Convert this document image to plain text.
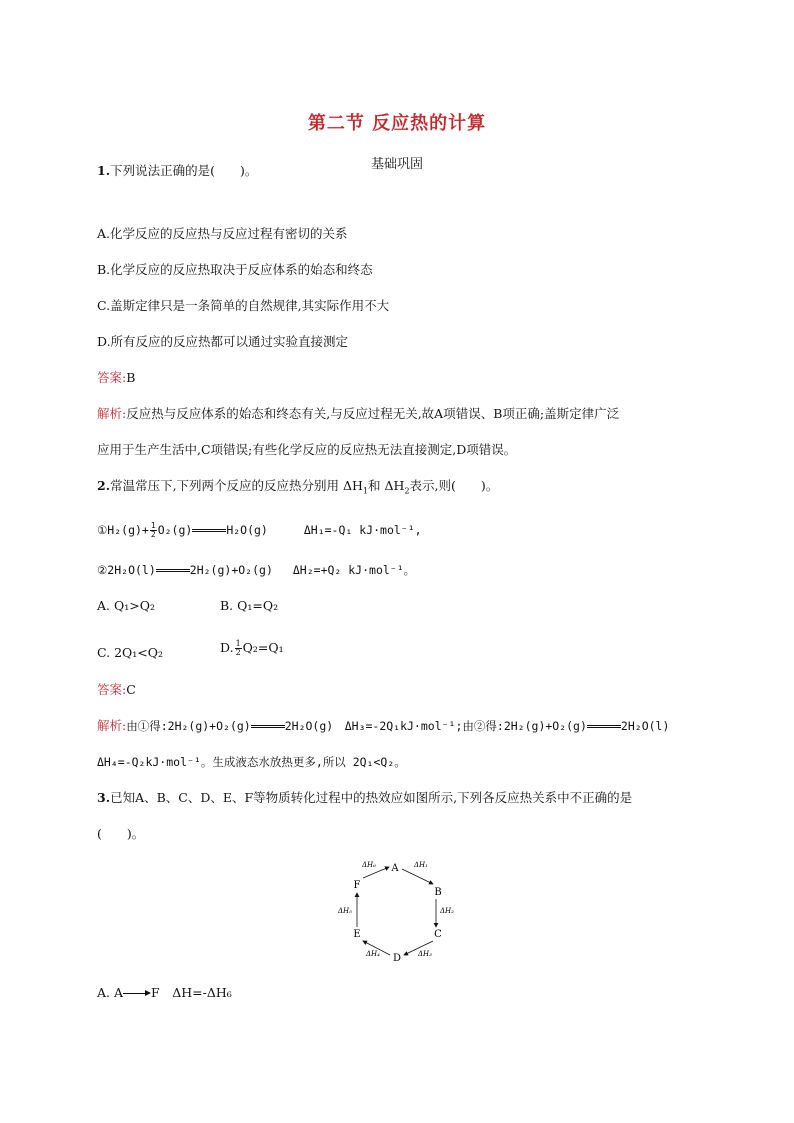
第二节 反应热的计算
基础巩固
1.下列说法正确的是(　　)。
A.化学反应的反应热与反应过程有密切的关系
B.化学反应的反应热取决于反应体系的始态和终态
C.盖斯定律只是一条简单的自然规律,其实际作用不大
D.所有反应的反应热都可以通过实验直接测定
答案:B
解析:反应热与反应体系的始态和终态有关,与反应过程无关,故A项错误、B项正确;盖斯定律广泛
应用于生产生活中,C项错误;有些化学反应的反应热无法直接测定,D项错误。
2.常温常压下,下列两个反应的反应热分别用 $\Delta H_1$和 $\Delta H_2$表示,则(　　)。
①H₂(g)+ $\frac{1}{2} O_2(g)$	H₂O(g)	ΔH₁=-Q₁ kJ·mol⁻¹,
②2H₂O(l)	2H₂(g)+O₂(g) ΔH₂=+Q₂ kJ·mol⁻¹。
A. Q₁>Q₂	B. Q₁=Q₂
C. 2Q₁<Q₂	D. $\frac{1}{2} Q_2=Q_1$
答案:C
解析:由①得:2H₂(g)+O₂(g)	2H₂O(g)　ΔH₃=-2Q₁kJ·mol⁻¹;由②得:2H₂(g)+O₂(g)	2H₂O(l)
ΔH₄=-Q₂kJ·mol⁻¹。生成液态水放热更多,所以 2Q₁<Q₂。
3.已知A、B、C、D、E、F等物质转化过程中的热效应如图所示,下列各反应热关系中不正确的是
(　　)。
A
B
C
D
E
F
ΔH₁
ΔH₂
ΔH₃
ΔH₄
ΔH₅
ΔH₆
A. A F　ΔH=-ΔH₆
